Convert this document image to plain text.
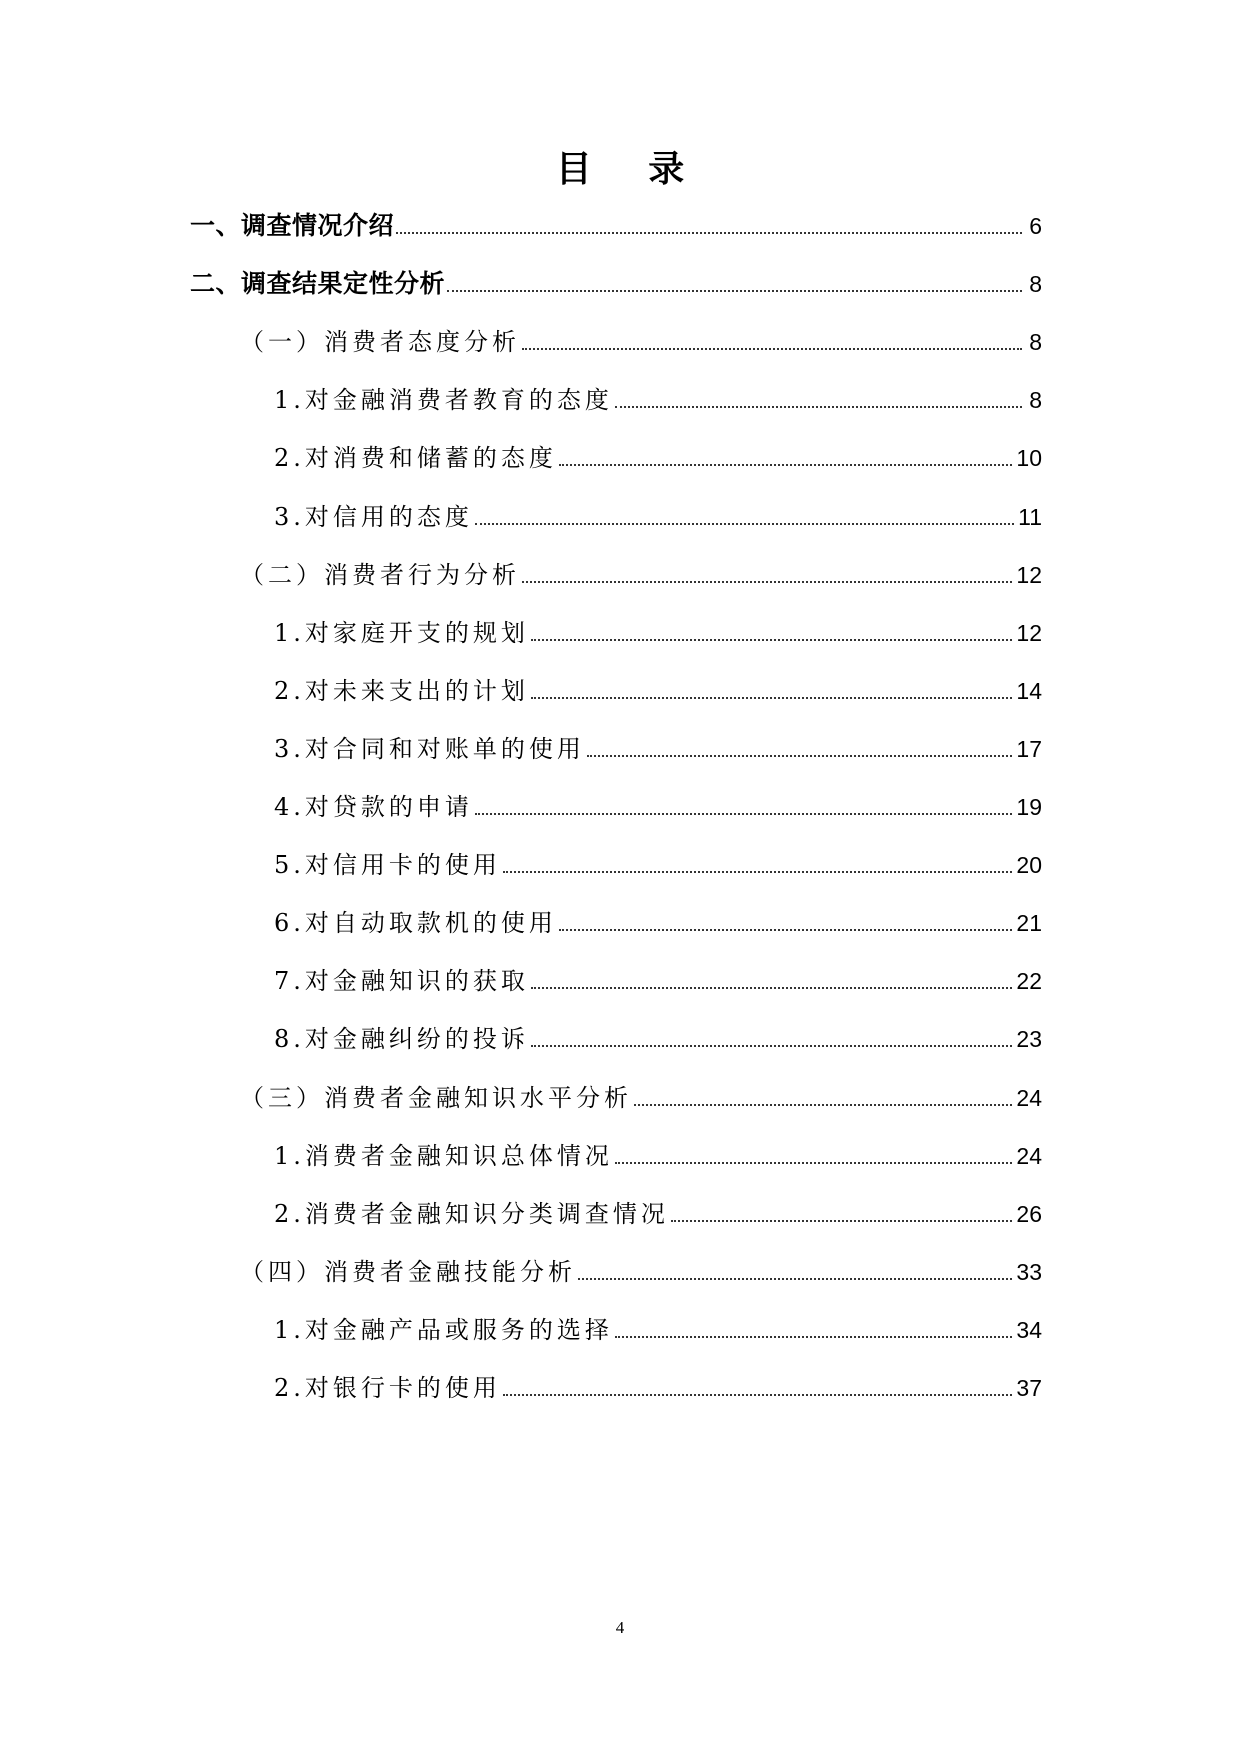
目 录
一、调查情况介绍	6
二、调查结果定性分析	8
（一）消费者态度分析	8
1.对金融消费者教育的态度	8
2.对消费和储蓄的态度	10
3.对信用的态度	11
（二）消费者行为分析	12
1.对家庭开支的规划	12
2.对未来支出的计划	14
3.对合同和对账单的使用	17
4.对贷款的申请	19
5.对信用卡的使用	20
6.对自动取款机的使用	21
7.对金融知识的获取	22
8.对金融纠纷的投诉	23
（三）消费者金融知识水平分析	24
1.消费者金融知识总体情况	24
2.消费者金融知识分类调查情况	26
（四）消费者金融技能分析	33
1.对金融产品或服务的选择	34
2.对银行卡的使用	37
4
